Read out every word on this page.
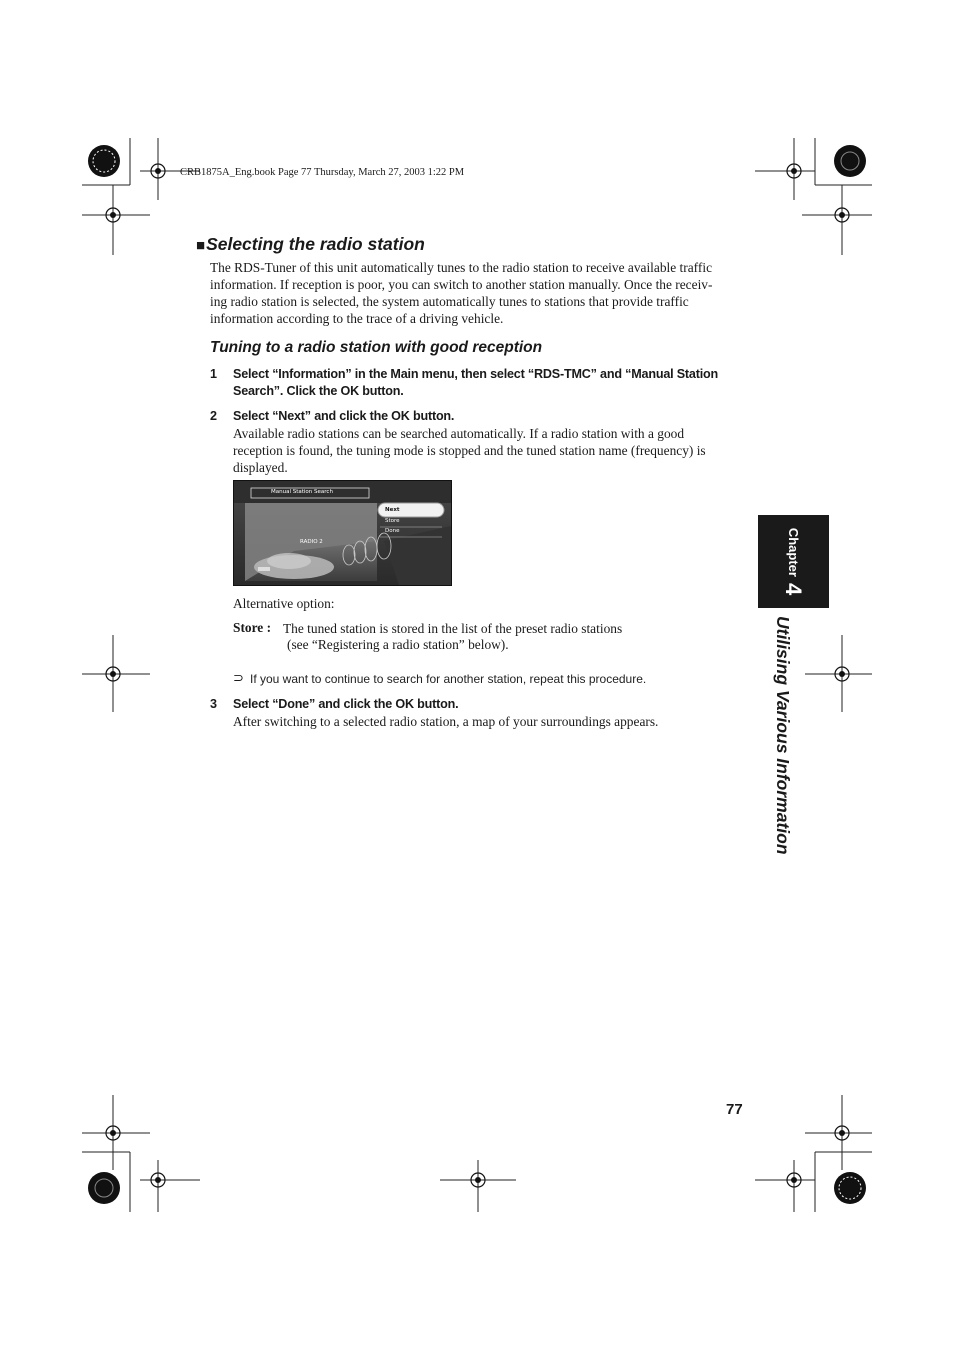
CRB1875A_Eng.book Page 77 Thursday, March 27, 2003 1:22 PM
■Selecting the radio station
The RDS-Tuner of this unit automatically tunes to the radio station to receive available traffic
information. If reception is poor, you can switch to another station manually. Once the receiv-
ing radio station is selected, the system automatically tunes to stations that provide traffic
information according to the trace of a driving vehicle.
Tuning to a radio station with good reception
1 Select “Information” in the Main menu, then select “RDS-TMC” and “Manual Station
Search”. Click the OK button.
2 Select “Next” and click the OK button.
Available radio stations can be searched automatically. If a radio station with a good
reception is found, the tuning mode is stopped and the tuned station name (frequency) is
displayed.
Manual Station Search
Next
Store
Done
RADIO 2
Alternative option:
Store : The tuned station is stored in the list of the preset radio stations
(see “Registering a radio station” below).
⊃ If you want to continue to search for another station, repeat this procedure.
3 Select “Done” and click the OK button.
After switching to a selected radio station, a map of your surroundings appears.
Chapter
4
Utilising Various Information
77
